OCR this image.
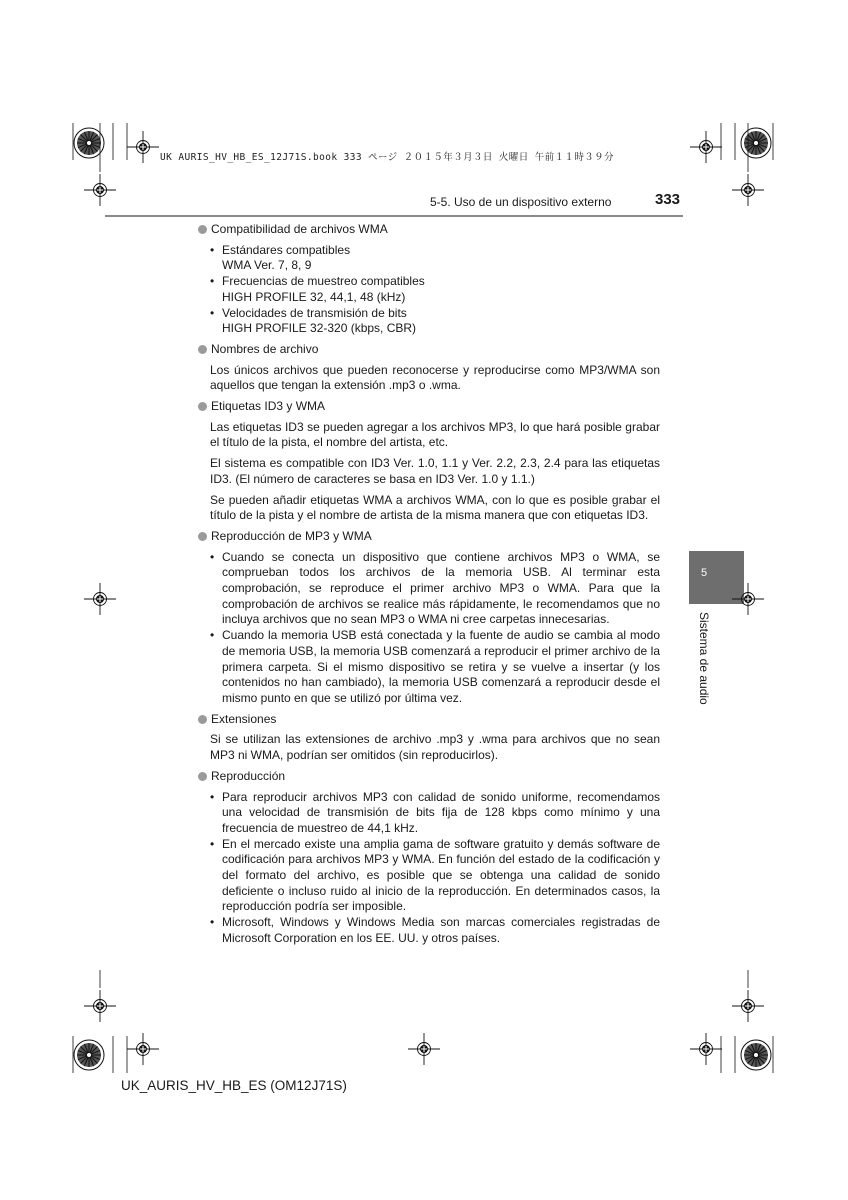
UK AURIS_HV_HB_ES_12J71S.book 333 ページ ２０１５年３月３日 火曜日 午前１１時３９分
5-5. Uso de un dispositivo externo	333
5
Sistema de audio
Compatibilidad de archivos WMA
• Estándares compatibles
WMA Ver. 7, 8, 9
• Frecuencias de muestreo compatibles
HIGH PROFILE 32, 44,1, 48 (kHz)
• Velocidades de transmisión de bits
HIGH PROFILE 32-320 (kbps, CBR)
Nombres de archivo

Los únicos archivos que pueden reconocerse y reproducirse como MP3/WMA son aquellos que tengan la extensión .mp3 o .wma.

Etiquetas ID3 y WMA

Las etiquetas ID3 se pueden agregar a los archivos MP3, lo que hará posible grabar el título de la pista, el nombre del artista, etc.

El sistema es compatible con ID3 Ver. 1.0, 1.1 y Ver. 2.2, 2.3, 2.4 para las etiquetas ID3. (El número de caracteres se basa en ID3 Ver. 1.0 y 1.1.)

Se pueden añadir etiquetas WMA a archivos WMA, con lo que es posible grabar el título de la pista y el nombre de artista de la misma manera que con etiquetas ID3.

Reproducción de MP3 y WMA
• Cuando se conecta un dispositivo que contiene archivos MP3 o WMA, se comprueban todos los archivos de la memoria USB. Al terminar esta comprobación, se reproduce el primer archivo MP3 o WMA. Para que la comprobación de archivos se realice más rápidamente, le recomendamos que no incluya archivos que no sean MP3 o WMA ni cree carpetas innecesarias.
• Cuando la memoria USB está conectada y la fuente de audio se cambia al modo de memoria USB, la memoria USB comenzará a reproducir el primer archivo de la primera carpeta. Si el mismo dispositivo se retira y se vuelve a insertar (y los contenidos no han cambiado), la memoria USB comenzará a reproducir desde el mismo punto en que se utilizó por última vez.
Extensiones

Si se utilizan las extensiones de archivo .mp3 y .wma para archivos que no sean MP3 ni WMA, podrían ser omitidos (sin reproducirlos).

Reproducción
• Para reproducir archivos MP3 con calidad de sonido uniforme, recomendamos una velocidad de transmisión de bits fija de 128 kbps como mínimo y una frecuencia de muestreo de 44,1 kHz.
• En el mercado existe una amplia gama de software gratuito y demás software de codificación para archivos MP3 y WMA. En función del estado de la codificación y del formato del archivo, es posible que se obtenga una calidad de sonido deficiente o incluso ruido al inicio de la reproducción. En determinados casos, la reproducción podría ser imposible.
• Microsoft, Windows y Windows Media son marcas comerciales registradas de Microsoft Corporation en los EE. UU. y otros países.
UK_AURIS_HV_HB_ES (OM12J71S)
